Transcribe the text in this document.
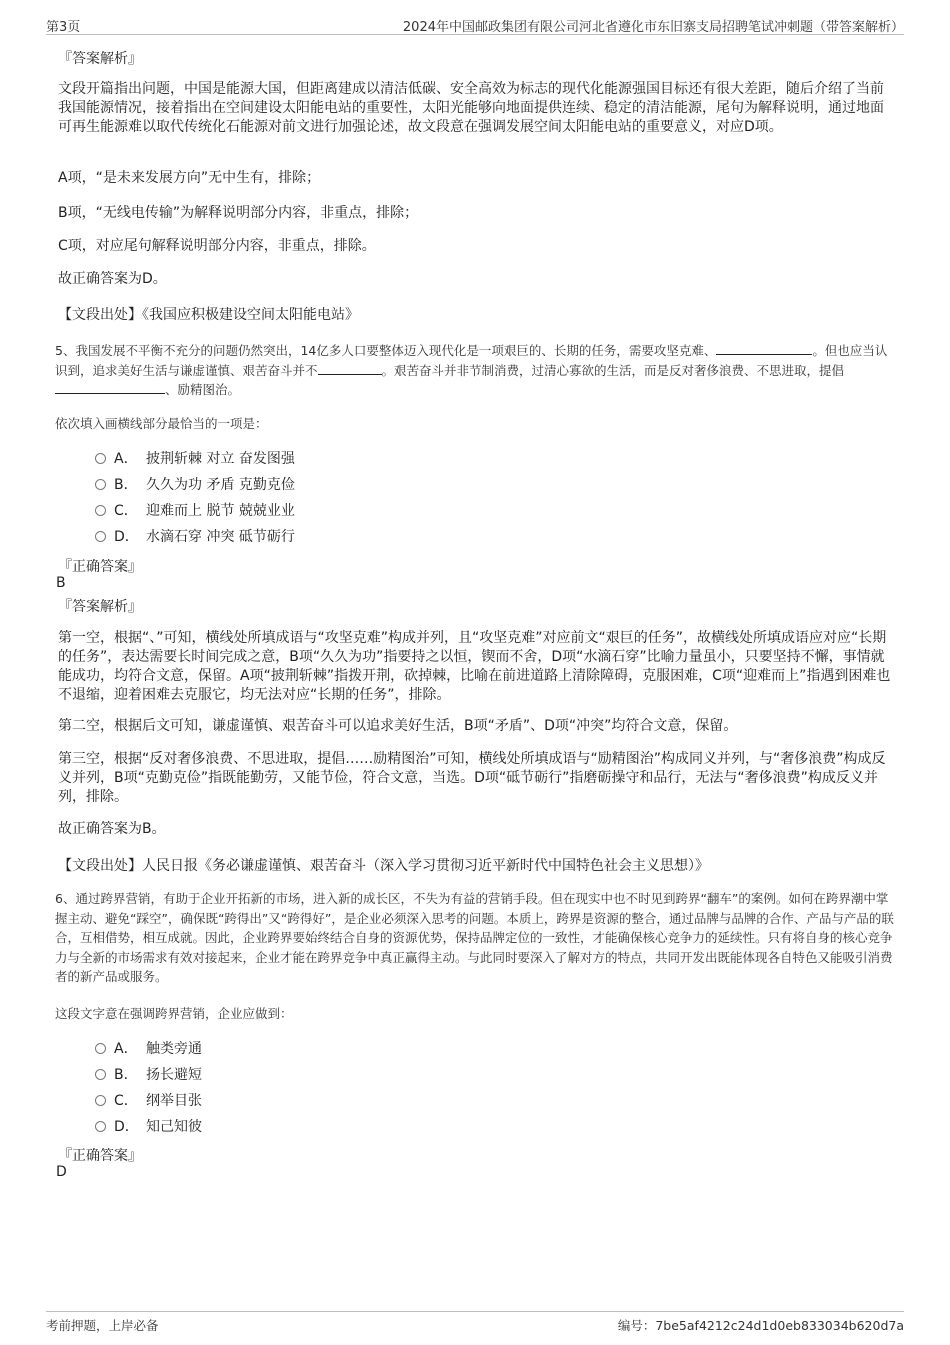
第3页	2024年中国邮政集团有限公司河北省遵化市东旧寨支局招聘笔试冲刺题（带答案解析）
『答案解析』
文段开篇指出问题，中国是能源大国，但距离建成以清洁低碳、安全高效为标志的现代化能源强国目标还有很大差距，随后介绍了当前我国能源情况，接着指出在空间建设太阳能电站的重要性，太阳光能够向地面提供连续、稳定的清洁能源，尾句为解释说明，通过地面可再生能源难以取代传统化石能源对前文进行加强论述，故文段意在强调发展空间太阳能电站的重要意义，对应D项。
A项，“是未来发展方向”无中生有，排除；
B项，“无线电传输”为解释说明部分内容，非重点，排除；
C项，对应尾句解释说明部分内容，非重点，排除。
故正确答案为D。
【文段出处】《我国应积极建设空间太阳能电站》
5、我国发展不平衡不充分的问题仍然突出，14亿多人口要整体迈入现代化是一项艰巨的、长期的任务，需要攻坚克难、	。但也应当认识到，追求美好生活与谦虚谨慎、艰苦奋斗并不	。艰苦奋斗并非节制消费，过清心寡欲的生活，而是反对奢侈浪费、不思进取，提倡、励精图治。
依次填入画横线部分最恰当的一项是：
A． 披荆斩棘 对立 奋发图强
B． 久久为功 矛盾 克勤克俭
C． 迎难而上 脱节 兢兢业业
D． 水滴石穿 冲突 砥节砺行
『正确答案』
B
『答案解析』
第一空，根据“、”可知，横线处所填成语与“攻坚克难”构成并列，且“攻坚克难”对应前文“艰巨的任务”，故横线处所填成语应对应“长期的任务”，表达需要长时间完成之意，B项“久久为功”指要持之以恒，锲而不舍，D项“水滴石穿”比喻力量虽小，只要坚持不懈，事情就能成功，均符合文意，保留。A项“披荆斩棘”指拨开荆，砍掉棘，比喻在前进道路上清除障碍，克服困难，C项“迎难而上”指遇到困难也不退缩，迎着困难去克服它，均无法对应“长期的任务”，排除。
第二空，根据后文可知，谦虚谨慎、艰苦奋斗可以追求美好生活，B项“矛盾”、D项“冲突”均符合文意，保留。
第三空，根据“反对奢侈浪费、不思进取，提倡……励精图治”可知，横线处所填成语与“励精图治”构成同义并列，与“奢侈浪费”构成反义并列，B项“克勤克俭”指既能勤劳，又能节俭，符合文意，当选。D项“砥节砺行”指磨砺操守和品行，无法与“奢侈浪费”构成反义并列，排除。
故正确答案为B。
【文段出处】人民日报《务必谦虚谨慎、艰苦奋斗（深入学习贯彻习近平新时代中国特色社会主义思想）》
6、通过跨界营销，有助于企业开拓新的市场，进入新的成长区，不失为有益的营销手段。但在现实中也不时见到跨界“翻车”的案例。如何在跨界潮中掌握主动、避免“踩空”，确保既“跨得出”又“跨得好”，是企业必须深入思考的问题。本质上，跨界是资源的整合，通过品牌与品牌的合作、产品与产品的联合，互相借势，相互成就。因此，企业跨界要始终结合自身的资源优势，保持品牌定位的一致性，才能确保核心竞争力的延续性。只有将自身的核心竞争力与全新的市场需求有效对接起来，企业才能在跨界竞争中真正赢得主动。与此同时要深入了解对方的特点，共同开发出既能体现各自特色又能吸引消费者的新产品或服务。
这段文字意在强调跨界营销，企业应做到：
A． 触类旁通
B． 扬长避短
C． 纲举目张
D． 知己知彼
『正确答案』
D
考前押题，上岸必备	编号：7be5af4212c24d1d0eb833034b620d7a
